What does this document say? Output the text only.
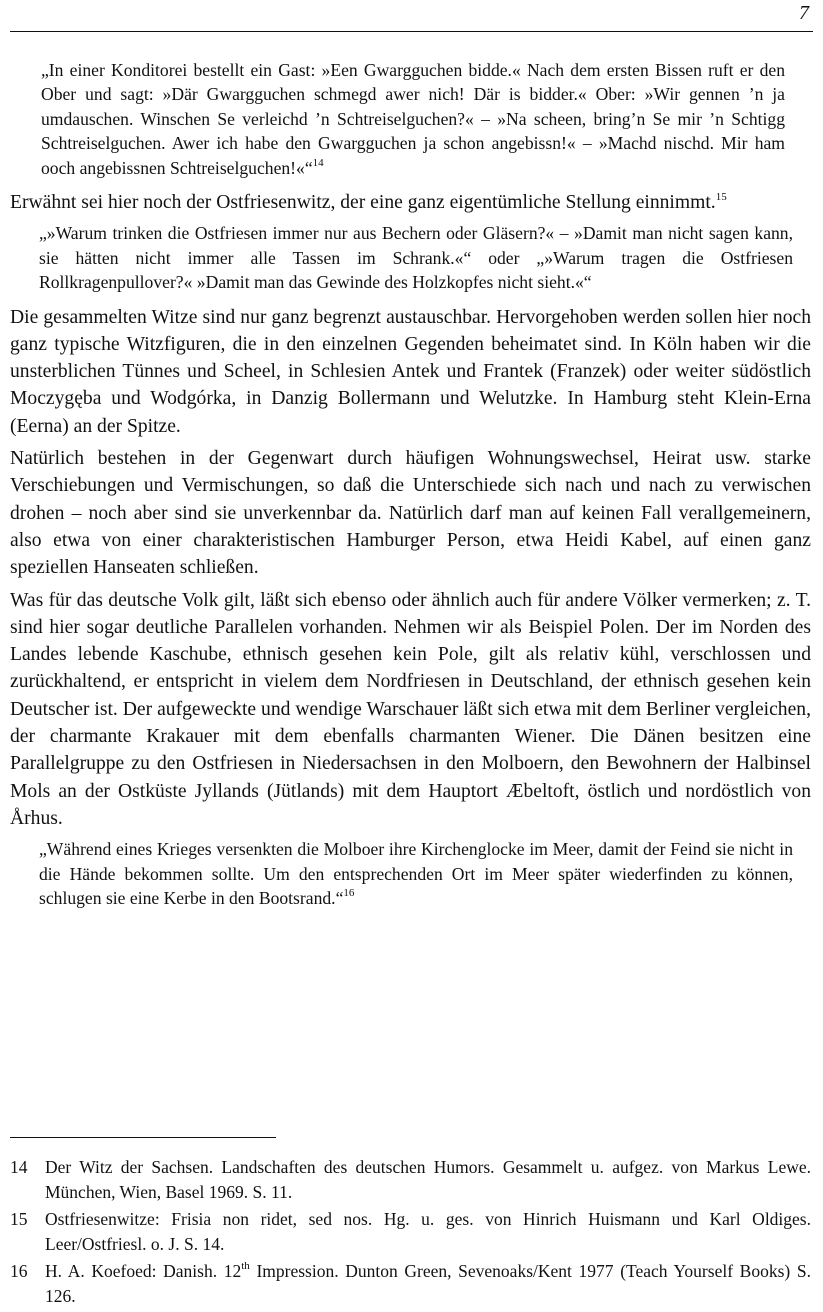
7

„In einer Konditorei bestellt ein Gast: »Een Gwargguchen bidde.« Nach dem ersten Bissen ruft er den Ober und sagt: »Där Gwargguchen schmegd awer nich! Där is bidder.« Ober: »Wir gennen ’n ja umdauschen. Winschen Se verleichd ’n Schtreiselguchen?« – »Na scheen, bring’n Se mir ’n Schtigg Schtreiselguchen. Awer ich habe den Gwargguchen ja schon angebissn!« – »Machd nischd. Mir ham ooch angebissnen Schtreiselguchen!«“$^{14}$

Erwähnt sei hier noch der Ostfriesenwitz, der eine ganz eigentümliche Stellung einnimmt.$^{15}$

„»Warum trinken die Ostfriesen immer nur aus Bechern oder Gläsern?« – »Damit man nicht sagen kann, sie hätten nicht immer alle Tassen im Schrank.«“ oder „»Warum tragen die Ostfriesen Rollkragenpullover?« »Damit man das Gewinde des Holzkopfes nicht sieht.«“

Die gesammelten Witze sind nur ganz begrenzt austauschbar. Hervorgehoben werden sollen hier noch ganz typische Witzfiguren, die in den einzelnen Gegenden beheimatet sind. In Köln haben wir die unsterblichen Tünnes und Scheel, in Schlesien Antek und Frantek (Franzek) oder weiter südöstlich Moczygęba und Wodgórka, in Danzig Bollermann und Welutzke. In Hamburg steht Klein-Erna (Eerna) an der Spitze.

Natürlich bestehen in der Gegenwart durch häufigen Wohnungswechsel, Heirat usw. starke Verschiebungen und Vermischungen, so daß die Unterschiede sich nach und nach zu verwischen drohen – noch aber sind sie unverkennbar da. Natürlich darf man auf keinen Fall verallgemeinern, also etwa von einer charakteristischen Hamburger Person, etwa Heidi Kabel, auf einen ganz speziellen Hanseaten schließen.

Was für das deutsche Volk gilt, läßt sich ebenso oder ähnlich auch für andere Völker vermerken; z. T. sind hier sogar deutliche Parallelen vorhanden. Nehmen wir als Beispiel Polen. Der im Norden des Landes lebende Kaschube, ethnisch gesehen kein Pole, gilt als relativ kühl, verschlossen und zurückhaltend, er entspricht in vielem dem Nordfriesen in Deutschland, der ethnisch gesehen kein Deutscher ist. Der aufgeweckte und wendige Warschauer läßt sich etwa mit dem Berliner vergleichen, der charmante Krakauer mit dem ebenfalls charmanten Wiener. Die Dänen besitzen eine Parallelgruppe zu den Ostfriesen in Niedersachsen in den Molboern, den Bewohnern der Halbinsel Mols an der Ostküste Jyllands (Jütlands) mit dem Hauptort Æbeltoft, östlich und nordöstlich von Århus.

„Während eines Krieges versenkten die Molboer ihre Kirchenglocke im Meer, damit der Feind sie nicht in die Hände bekommen sollte. Um den entsprechenden Ort im Meer später wiederfinden zu können, schlugen sie eine Kerbe in den Bootsrand.“$^{16}$

14	Der Witz der Sachsen. Landschaften des deutschen Humors. Gesammelt u. aufgez. von Markus Lewe. München, Wien, Basel 1969. S. 11.
15	Ostfriesenwitze: Frisia non ridet, sed nos. Hg. u. ges. von Hinrich Huismann und Karl Oldiges. Leer/Ostfriesl. o. J. S. 14.
16	H. A. Koefoed: Danish. 12th Impression. Dunton Green, Sevenoaks/Kent 1977 (Teach Yourself Books) S. 126.
